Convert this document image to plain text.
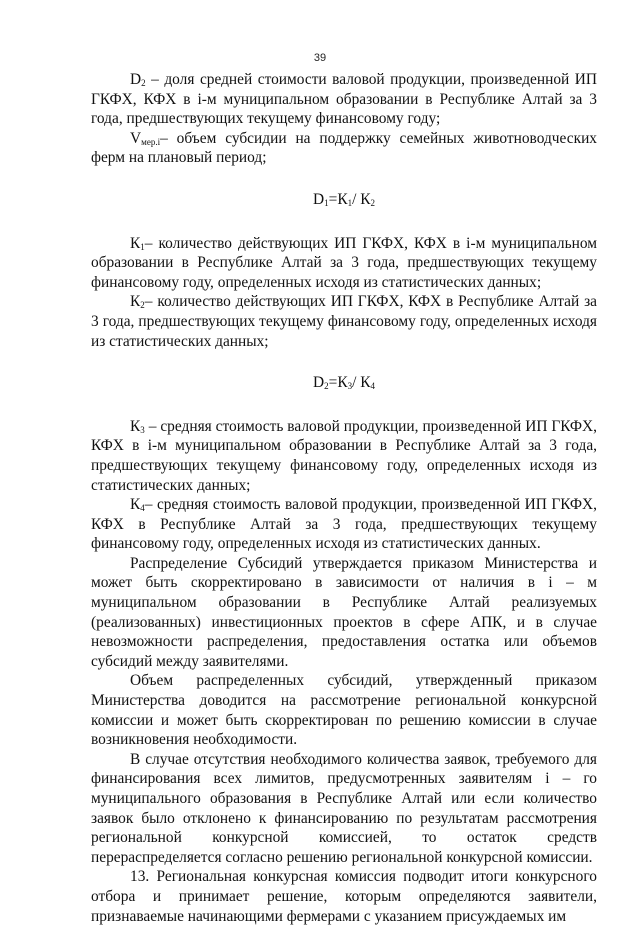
39

$D_2$ – доля средней стоимости валовой продукции, произведенной ИП ГКФХ, КФХ в i-м муниципальном образовании в Республике Алтай за 3 года, предшествующих текущему финансовому году;

$V_{мер.i}-$ объем субсидии на поддержку семейных животноводческих ферм на плановый период;

$D_1=К_1/$ $К_2$

$К_1-$ количество действующих ИП ГКФХ, КФХ в i-м муниципальном образовании в Республике Алтай за 3 года, предшествующих текущему финансовому году, определенных исходя из статистических данных;

$К_2-$ количество действующих ИП ГКФХ, КФХ в Республике Алтай за 3 года, предшествующих текущему финансовому году, определенных исходя из статистических данных;

$D_2=К_3/$ $К_4$

$К_3$ – средняя стоимость валовой продукции, произведенной ИП ГКФХ, КФХ в i-м муниципальном образовании в Республике Алтай за 3 года, предшествующих текущему финансовому году, определенных исходя из статистических данных;

$К_4-$ средняя стоимость валовой продукции, произведенной ИП ГКФХ, КФХ в Республике Алтай за 3 года, предшествующих текущему финансовому году, определенных исходя из статистических данных.

Распределение Субсидий утверждается приказом Министерства и может быть скорректировано в зависимости от наличия в i – м муниципальном образовании в Республике Алтай реализуемых (реализованных) инвестиционных проектов в сфере АПК, и в случае невозможности распределения, предоставления остатка или объемов субсидий между заявителями.

Объем распределенных субсидий, утвержденный приказом Министерства доводится на рассмотрение региональной конкурсной комиссии и может быть скорректирован по решению комиссии в случае возникновения необходимости.

В случае отсутствия необходимого количества заявок, требуемого для финансирования всех лимитов, предусмотренных заявителям i – го муниципального образования в Республике Алтай или если количество заявок было отклонено к финансированию по результатам рассмотрения региональной конкурсной комиссией, то остаток средств перераспределяется согласно решению региональной конкурсной комиссии.

13. Региональная конкурсная комиссия подводит итоги конкурсного отбора и принимает решение, которым определяются заявители, признаваемые начинающими фермерами с указанием присуждаемых им
